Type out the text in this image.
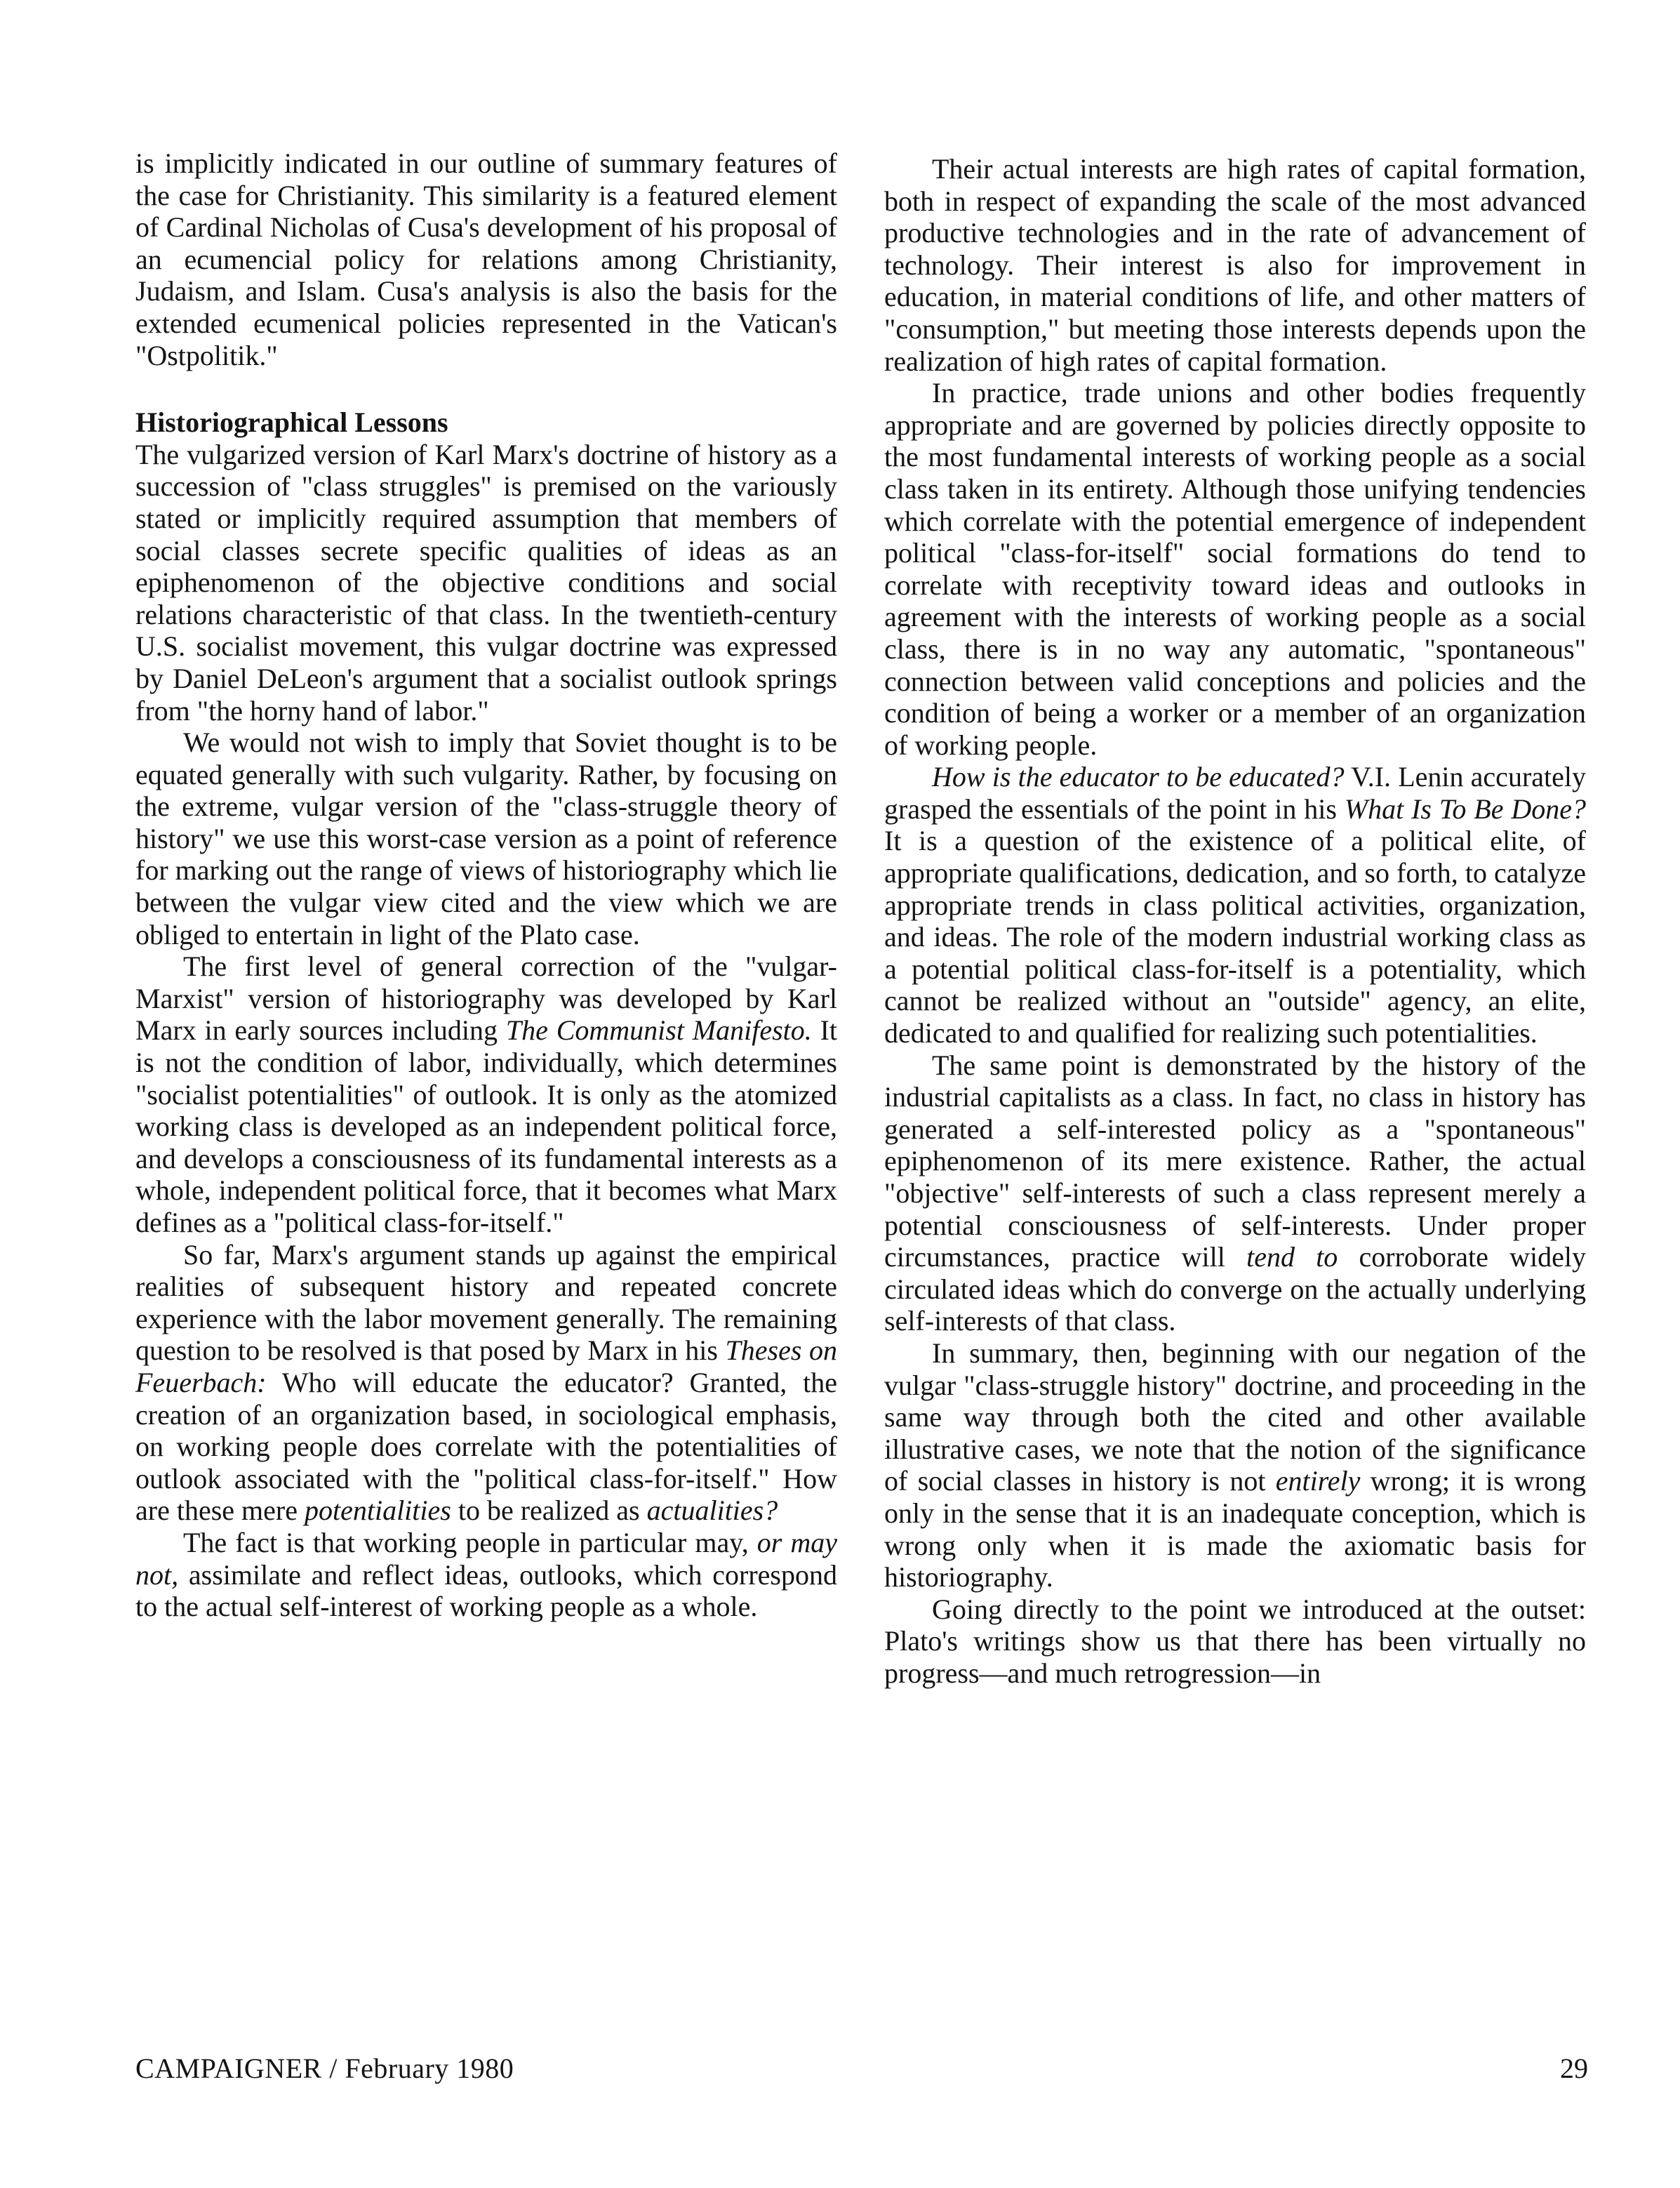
is implicitly indicated in our outline of summary features of the case for Christianity. This similarity is a featured element of Cardinal Nicholas of Cusa's development of his proposal of an ecumencial policy for relations among Christianity, Judaism, and Islam. Cusa's analysis is also the basis for the extended ecumenical policies represented in the Vatican's "Ostpolitik."

Historiographical Lessons

The vulgarized version of Karl Marx's doctrine of history as a succession of "class struggles" is premised on the variously stated or implicitly required assumption that members of social classes secrete specific qualities of ideas as an epiphenomenon of the objective conditions and social relations characteristic of that class. In the twentieth-century U.S. socialist movement, this vulgar doctrine was expressed by Daniel DeLeon's argument that a socialist outlook springs from "the horny hand of labor."

We would not wish to imply that Soviet thought is to be equated generally with such vulgarity. Rather, by focusing on the extreme, vulgar version of the "class-struggle theory of history" we use this worst-case version as a point of reference for marking out the range of views of historiography which lie between the vulgar view cited and the view which we are obliged to entertain in light of the Plato case.

The first level of general correction of the "vulgar-Marxist" version of historiography was developed by Karl Marx in early sources including The Communist Manifesto. It is not the condition of labor, individually, which determines "socialist potentialities" of outlook. It is only as the atomized working class is developed as an independent political force, and develops a consciousness of its fundamental interests as a whole, independent political force, that it becomes what Marx defines as a "political class-for-itself."

So far, Marx's argument stands up against the empirical realities of subsequent history and repeated concrete experience with the labor movement generally. The remaining question to be resolved is that posed by Marx in his Theses on Feuerbach: Who will educate the educator? Granted, the creation of an organization based, in sociological emphasis, on working people does correlate with the potentialities of outlook associated with the "political class-for-itself." How are these mere potentialities to be realized as actualities?

The fact is that working people in particular may, or may not, assimilate and reflect ideas, outlooks, which correspond to the actual self-interest of working people as a whole.

Their actual interests are high rates of capital formation, both in respect of expanding the scale of the most advanced productive technologies and in the rate of advancement of technology. Their interest is also for improvement in education, in material conditions of life, and other matters of "consumption," but meeting those interests depends upon the realization of high rates of capital formation.

In practice, trade unions and other bodies frequently appropriate and are governed by policies directly opposite to the most fundamental interests of working people as a social class taken in its entirety. Although those unifying tendencies which correlate with the potential emergence of independent political "class-for-itself" social formations do tend to correlate with receptivity toward ideas and outlooks in agreement with the interests of working people as a social class, there is in no way any automatic, "spontaneous" connection between valid conceptions and policies and the condition of being a worker or a member of an organization of working people.

How is the educator to be educated? V.I. Lenin accurately grasped the essentials of the point in his What Is To Be Done? It is a question of the existence of a political elite, of appropriate qualifications, dedication, and so forth, to catalyze appropriate trends in class political activities, organization, and ideas. The role of the modern industrial working class as a potential political class-for-itself is a potentiality, which cannot be realized without an "outside" agency, an elite, dedicated to and qualified for realizing such potentialities.

The same point is demonstrated by the history of the industrial capitalists as a class. In fact, no class in history has generated a self-interested policy as a "spontaneous" epiphenomenon of its mere existence. Rather, the actual "objective" self-interests of such a class represent merely a potential consciousness of self-interests. Under proper circumstances, practice will tend to corroborate widely circulated ideas which do converge on the actually underlying self-interests of that class.

In summary, then, beginning with our negation of the vulgar "class-struggle history" doctrine, and proceeding in the same way through both the cited and other available illustrative cases, we note that the notion of the significance of social classes in history is not entirely wrong; it is wrong only in the sense that it is an inadequate conception, which is wrong only when it is made the axiomatic basis for historiography.

Going directly to the point we introduced at the outset: Plato's writings show us that there has been virtually no progress—and much retrogression—in

CAMPAIGNER / February 1980	29
